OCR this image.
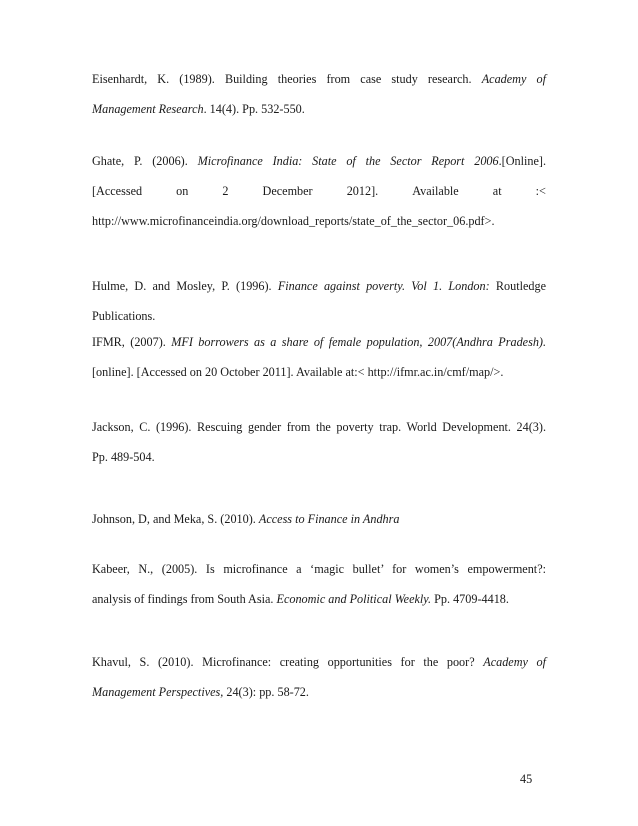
Eisenhardt, K. (1989). Building theories from case study research. Academy of
Management Research. 14(4). Pp. 532-550.
Ghate, P. (2006). Microfinance India: State of the Sector Report 2006.[Online].
[Accessed	on	2	December	2012].	Available	at	:<
http://www.microfinanceindia.org/download_reports/state_of_the_sector_06.pdf>.
Hulme, D. and Mosley, P. (1996). Finance against poverty. Vol 1. London: Routledge
Publications.
IFMR, (2007). MFI borrowers as a share of female population, 2007(Andhra Pradesh).
[online]. [Accessed on 20 October 2011]. Available at:< http://ifmr.ac.in/cmf/map/>.
Jackson, C. (1996). Rescuing gender from the poverty trap. World Development. 24(3).
Pp. 489-504.
Johnson, D, and Meka, S. (2010). Access to Finance in Andhra
Kabeer, N., (2005). Is microfinance a ‘magic bullet’ for women’s empowerment?:
analysis of findings from South Asia. Economic and Political Weekly. Pp. 4709-4418.
Khavul, S. (2010). Microfinance: creating opportunities for the poor? Academy of
Management Perspectives, 24(3): pp. 58-72.
45
